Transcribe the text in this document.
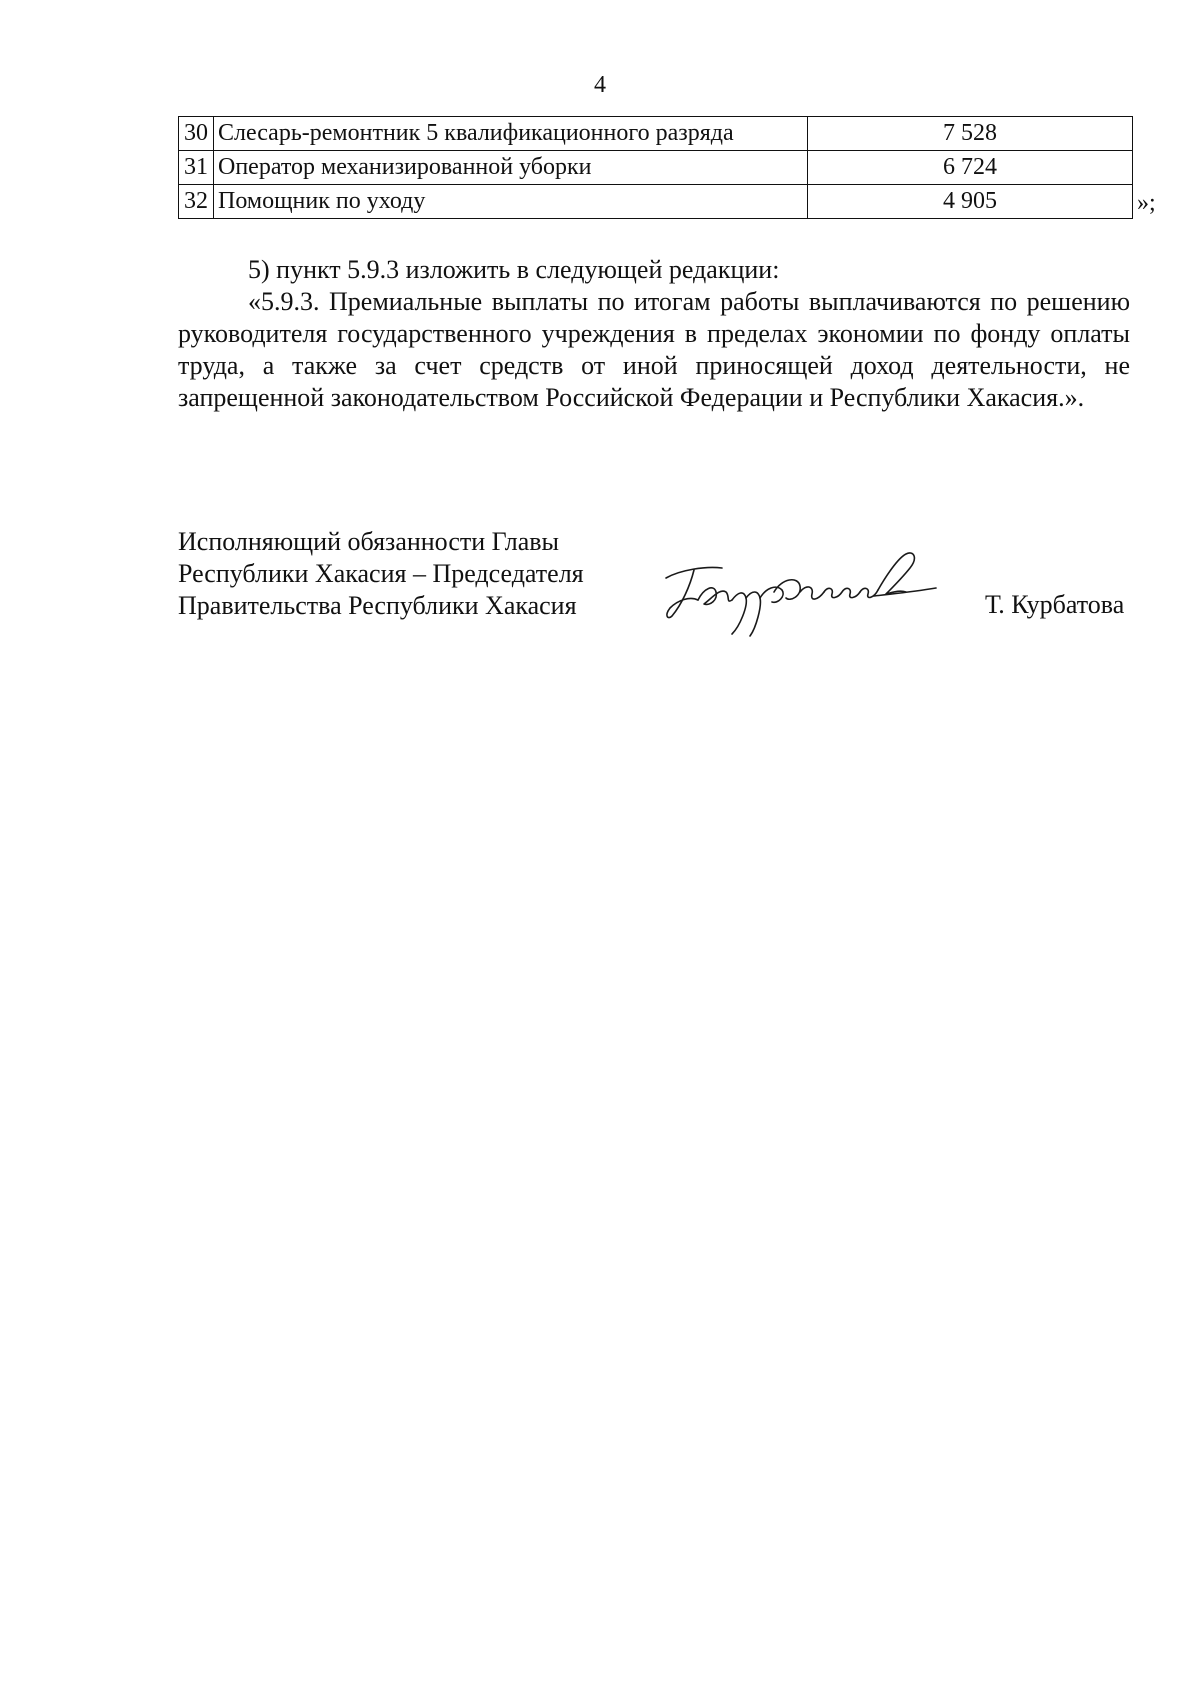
4
30	Слесарь-ремонтник 5 квалификационного разряда	7 528
31	Оператор механизированной уборки	6 724
32	Помощник по уходу	4 905	»;

5) пункт 5.9.3 изложить в следующей редакции:

«5.9.3. Премиальные выплаты по итогам работы выплачиваются по решению руководителя государственного учреждения в пределах экономии по фонду оплаты труда, а также за счет средств от иной приносящей доход деятельности, не запрещенной законодательством Российской Федерации и Республики Хакасия.».

Исполняющий обязанности Главы
Республики Хакасия – Председателя
Правительства Республики Хакасия	Т. Курбатова
